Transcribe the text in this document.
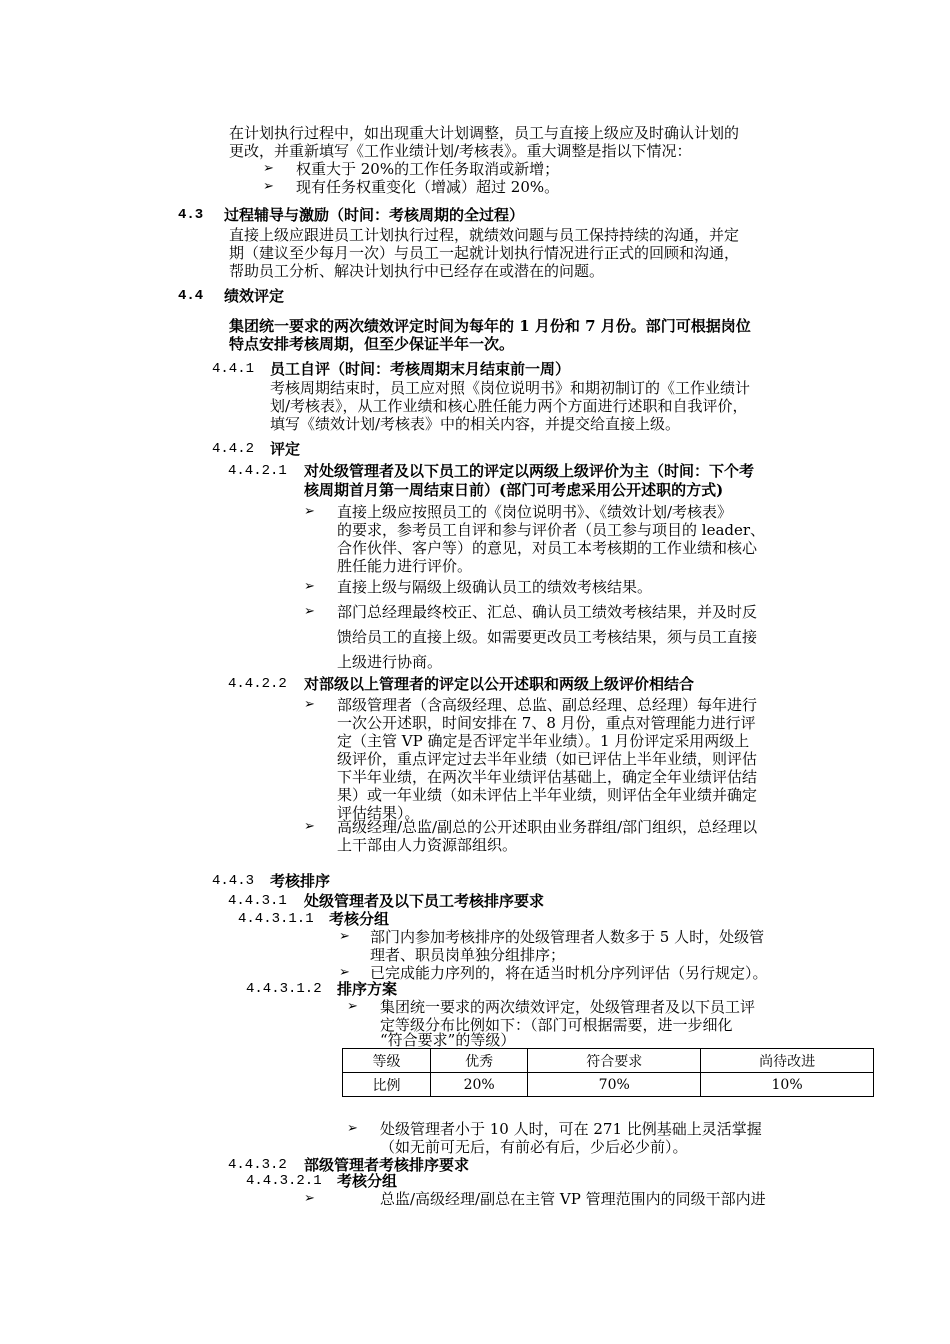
在计划执行过程中，如出现重大计划调整，员工与直接上级应及时确认计划的
更改，并重新填写《工作业绩计划/考核表》。重大调整是指以下情况：
➢ 权重大于 20%的工作任务取消或新增；
➢ 现有任务权重变化（增减）超过 20%。
4.3 过程辅导与激励（时间：考核周期的全过程）
直接上级应跟进员工计划执行过程，就绩效问题与员工保持持续的沟通，并定
期（建议至少每月一次）与员工一起就计划执行情况进行正式的回顾和沟通，
帮助员工分析、解决计划执行中已经存在或潜在的问题。
4.4 绩效评定
集团统一要求的两次绩效评定时间为每年的 1 月份和 7 月份。部门可根据岗位
特点安排考核周期，但至少保证半年一次。
4.4.1 员工自评（时间：考核周期末月结束前一周）
考核周期结束时，员工应对照《岗位说明书》和期初制订的《工作业绩计
划/考核表》，从工作业绩和核心胜任能力两个方面进行述职和自我评价，
填写《绩效计划/考核表》中的相关内容，并提交给直接上级。
4.4.2 评定
4.4.2.1 对处级管理者及以下员工的评定以两级上级评价为主（时间：下个考
核周期首月第一周结束日前）(部门可考虑采用公开述职的方式)
➢ 直接上级应按照员工的《岗位说明书》、《绩效计划/考核表》
的要求，参考员工自评和参与评价者（员工参与项目的 leader、
合作伙伴、客户等）的意见，对员工本考核期的工作业绩和核心
胜任能力进行评价。
➢ 直接上级与隔级上级确认员工的绩效考核结果。
➢ 部门总经理最终校正、汇总、确认员工绩效考核结果，并及时反
馈给员工的直接上级。如需要更改员工考核结果，须与员工直接
上级进行协商。
4.4.2.2 对部级以上管理者的评定以公开述职和两级上级评价相结合
➢ 部级管理者（含高级经理、总监、副总经理、总经理）每年进行
一次公开述职，时间安排在 7、8 月份，重点对管理能力进行评
定（主管 VP 确定是否评定半年业绩）。1 月份评定采用两级上
级评价，重点评定过去半年业绩（如已评估上半年业绩，则评估
下半年业绩，在两次半年业绩评估基础上，确定全年业绩评估结
果）或一年业绩（如未评估上半年业绩，则评估全年业绩并确定
评估结果）。
➢ 高级经理/总监/副总的公开述职由业务群组/部门组织，总经理以
上干部由人力资源部组织。
4.4.3 考核排序
4.4.3.1 处级管理者及以下员工考核排序要求
4.4.3.1.1 考核分组
➢ 部门内参加考核排序的处级管理者人数多于 5 人时，处级管
理者、职员岗单独分组排序；
➢ 已完成能力序列的，将在适当时机分序列评估（另行规定）。
4.4.3.1.2 排序方案
➢ 集团统一要求的两次绩效评定，处级管理者及以下员工评
定等级分布比例如下：（部门可根据需要，进一步细化
“符合要求”的等级）
等级	优秀	符合要求	尚待改进
比例	20%	70%	10%
➢ 处级管理者小于 10 人时，可在 271 比例基础上灵活掌握
（如无前可无后，有前必有后，少后必少前）。
4.4.3.2 部级管理者考核排序要求
4.4.3.2.1 考核分组
➢	总监/高级经理/副总在主管 VP 管理范围内的同级干部内进
